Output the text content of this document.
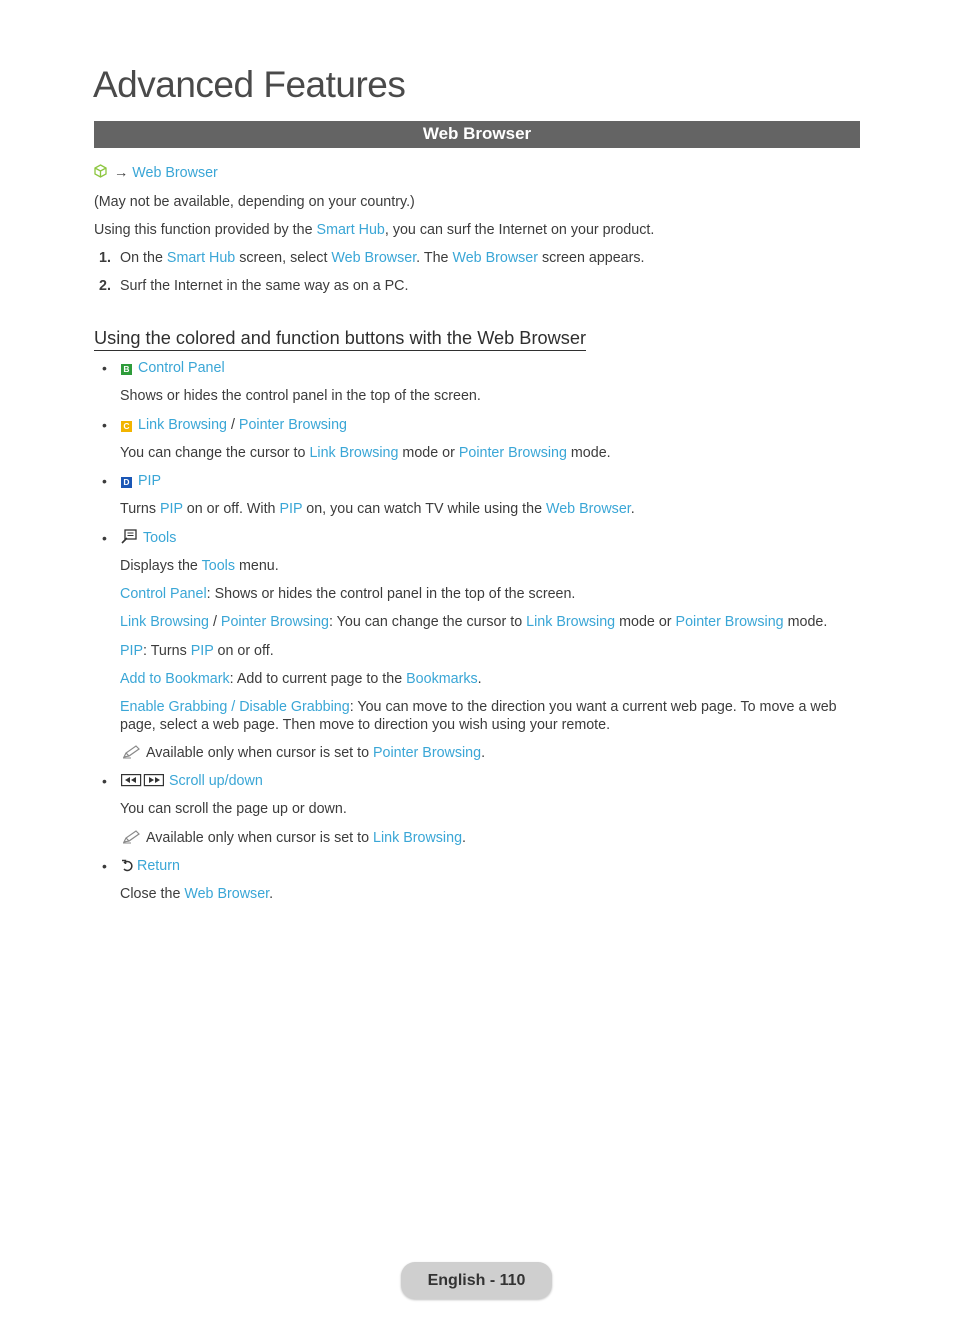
Advanced Features
Web Browser
→ Web Browser
(May not be available, depending on your country.)
Using this function provided by the Smart Hub, you can surf the Internet on your product.
1. On the Smart Hub screen, select Web Browser. The Web Browser screen appears.
2. Surf the Internet in the same way as on a PC.
Using the colored and function buttons with the Web Browser
• B Control Panel
Shows or hides the control panel in the top of the screen.
• C Link Browsing / Pointer Browsing
You can change the cursor to Link Browsing mode or Pointer Browsing mode.
• D PIP
Turns PIP on or off. With PIP on, you can watch TV while using the Web Browser.
•	Tools
Displays the Tools menu.
Control Panel: Shows or hides the control panel in the top of the screen.
Link Browsing / Pointer Browsing: You can change the cursor to Link Browsing mode or Pointer Browsing mode.
PIP: Turns PIP on or off.
Add to Bookmark: Add to current page to the Bookmarks.
Enable Grabbing / Disable Grabbing: You can move to the direction you want a current web page. To move a web page, select a web page. Then move to direction you wish using your remote.
Available only when cursor is set to Pointer Browsing.
•	Scroll up/down
You can scroll the page up or down.
Available only when cursor is set to Link Browsing.
•	Return
Close the Web Browser.
English - 110
